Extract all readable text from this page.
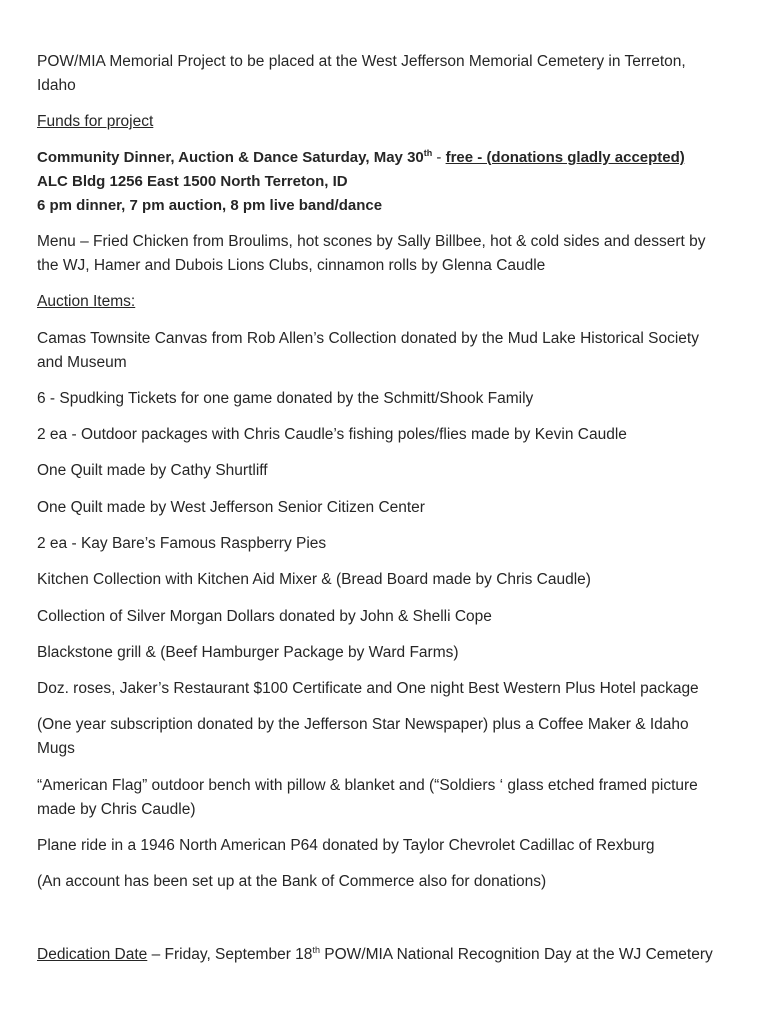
POW/MIA Memorial Project to be placed at the West Jefferson Memorial Cemetery in Terreton,

Idaho

Funds for project

Community Dinner, Auction & Dance Saturday, May 30th - free - (donations gladly accepted)

ALC Bldg 1256 East 1500 North Terreton, ID

6 pm dinner, 7 pm auction, 8 pm live band/dance

Menu – Fried Chicken from Broulims, hot scones by Sally Billbee, hot & cold sides and dessert by

the WJ, Hamer and Dubois Lions Clubs, cinnamon rolls by Glenna Caudle

Auction Items:

Camas Townsite Canvas from Rob Allen’s Collection donated by the Mud Lake Historical Society

and Museum

6 - Spudking Tickets for one game donated by the Schmitt/Shook Family

2 ea - Outdoor packages with Chris Caudle’s fishing poles/flies made by Kevin Caudle

One Quilt made by Cathy Shurtliff

One Quilt made by West Jefferson Senior Citizen Center

2 ea - Kay Bare’s Famous Raspberry Pies

Kitchen Collection with Kitchen Aid Mixer & (Bread Board made by Chris Caudle)

Collection of Silver Morgan Dollars donated by John & Shelli Cope

Blackstone grill & (Beef Hamburger Package by Ward Farms)

Doz. roses, Jaker’s Restaurant $100 Certificate and One night Best Western Plus Hotel package

(One year subscription donated by the Jefferson Star Newspaper) plus a Coffee Maker & Idaho

Mugs

“American Flag” outdoor bench with pillow & blanket and (“Soldiers ‘ glass etched framed picture

made by Chris Caudle)

Plane ride in a 1946 North American P64 donated by Taylor Chevrolet Cadillac of Rexburg

(An account has been set up at the Bank of Commerce also for donations)

Dedication Date – Friday, September 18th POW/MIA National Recognition Day at the WJ Cemetery
